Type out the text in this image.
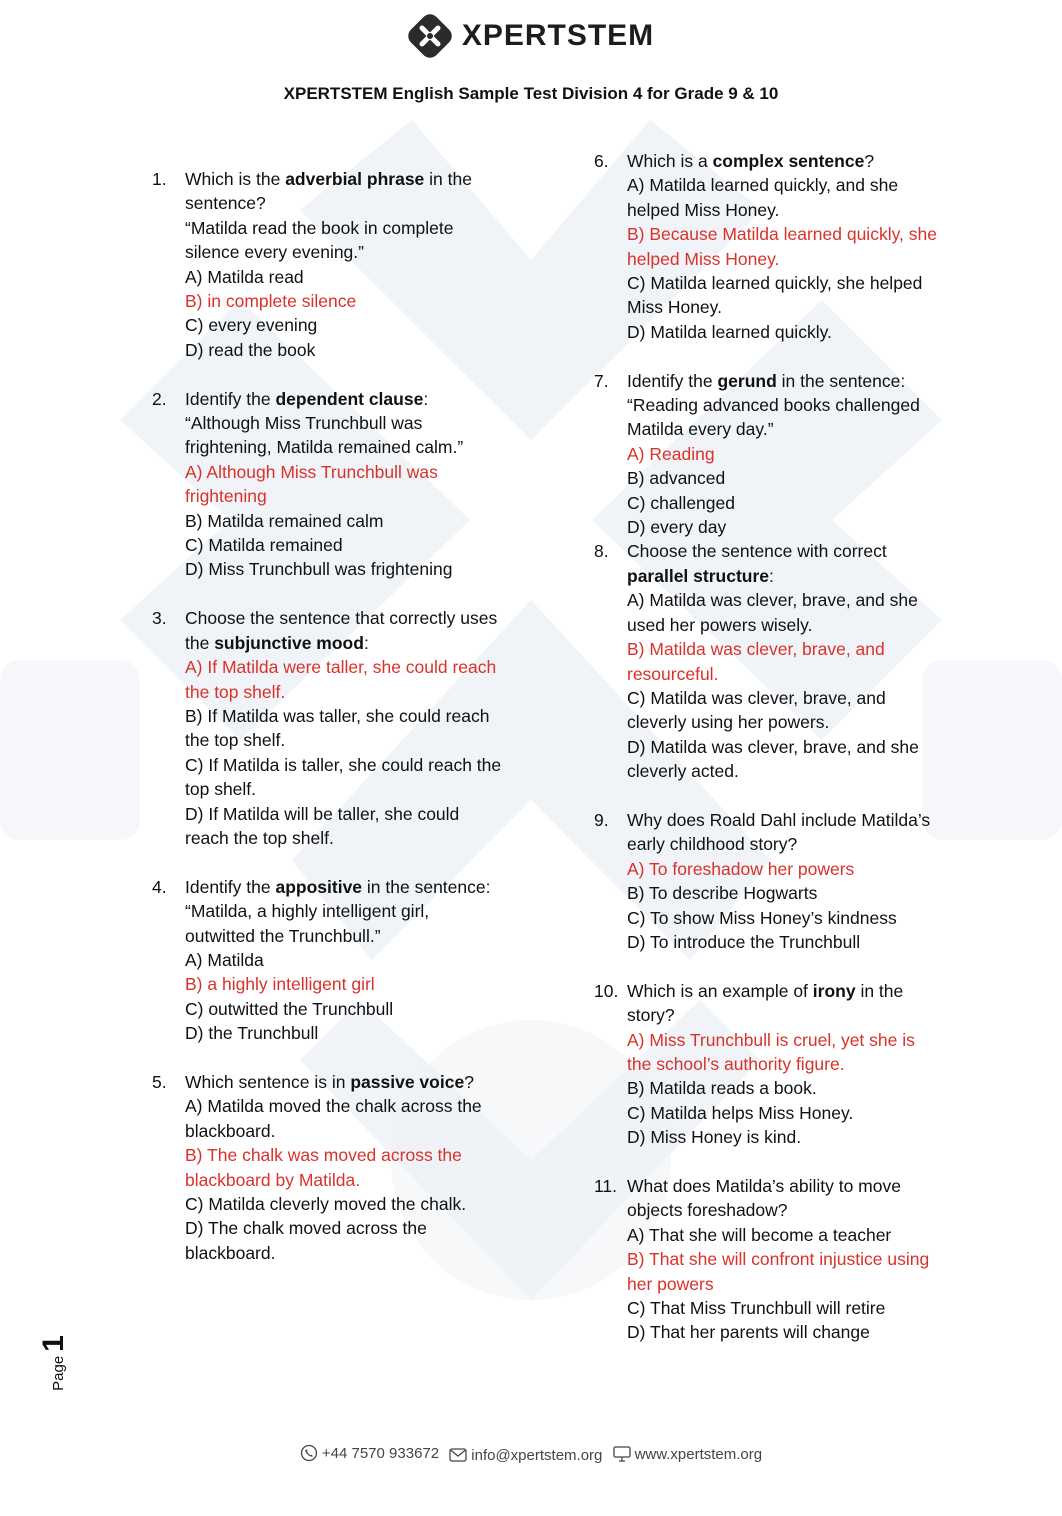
XPERTSTEM
XPERTSTEM English Sample Test Division 4 for Grade 9 & 10
1. Which is the adverbial phrase in the sentence?
“Matilda read the book in complete silence every evening.”
A) Matilda read
B) in complete silence
C) every evening
D) read the book
2. Identify the dependent clause:
“Although Miss Trunchbull was frightening, Matilda remained calm.”
A) Although Miss Trunchbull was frightening
B) Matilda remained calm
C) Matilda remained
D) Miss Trunchbull was frightening
3. Choose the sentence that correctly uses the subjunctive mood:
A) If Matilda were taller, she could reach the top shelf.
B) If Matilda was taller, she could reach the top shelf.
C) If Matilda is taller, she could reach the top shelf.
D) If Matilda will be taller, she could reach the top shelf.
4. Identify the appositive in the sentence:
“Matilda, a highly intelligent girl, outwitted the Trunchbull.”
A) Matilda
B) a highly intelligent girl
C) outwitted the Trunchbull
D) the Trunchbull
5. Which sentence is in passive voice?
A) Matilda moved the chalk across the blackboard.
B) The chalk was moved across the blackboard by Matilda.
C) Matilda cleverly moved the chalk.
D) The chalk moved across the blackboard.
6. Which is a complex sentence?
A) Matilda learned quickly, and she helped Miss Honey.
B) Because Matilda learned quickly, she helped Miss Honey.
C) Matilda learned quickly, she helped Miss Honey.
D) Matilda learned quickly.
7. Identify the gerund in the sentence:
“Reading advanced books challenged Matilda every day.”
A) Reading
B) advanced
C) challenged
D) every day
8. Choose the sentence with correct parallel structure:
A) Matilda was clever, brave, and she used her powers wisely.
B) Matilda was clever, brave, and resourceful.
C) Matilda was clever, brave, and cleverly using her powers.
D) Matilda was clever, brave, and she cleverly acted.
9. Why does Roald Dahl include Matilda’s early childhood story?
A) To foreshadow her powers
B) To describe Hogwarts
C) To show Miss Honey’s kindness
D) To introduce the Trunchbull
10. Which is an example of irony in the story?
A) Miss Trunchbull is cruel, yet she is the school’s authority figure.
B) Matilda reads a book.
C) Matilda helps Miss Honey.
D) Miss Honey is kind.
11. What does Matilda’s ability to move objects foreshadow?
A) That she will become a teacher
B) That she will confront injustice using her powers
C) That Miss Trunchbull will retire
D) That her parents will change
Page1
+44 7570 933672
info@xpertstem.org
www.xpertstem.org
